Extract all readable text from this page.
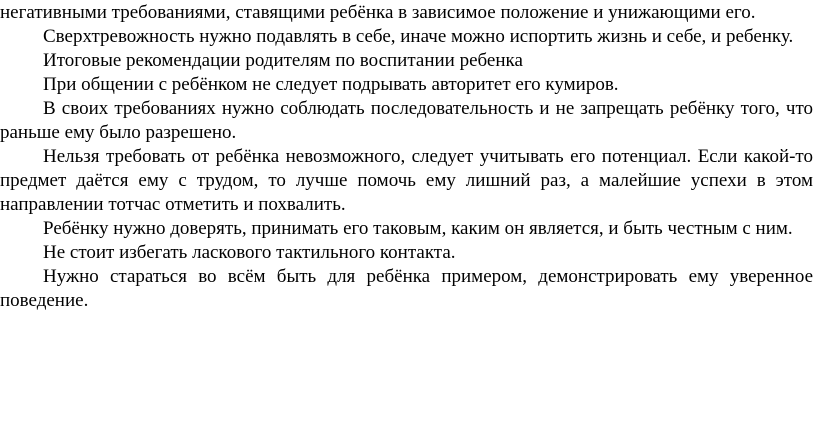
негативными требованиями, ставящими ребёнка в зависимое положение и унижающими его.

Сверхтревожность нужно подавлять в себе, иначе можно испортить жизнь и себе, и ребенку.

Итоговые рекомендации родителям по воспитании ребенка

При общении с ребёнком не следует подрывать авторитет его кумиров.

В своих требованиях нужно соблюдать последовательность и не запрещать ребёнку того, что раньше ему было разрешено.

Нельзя требовать от ребёнка невозможного, следует учитывать его потенциал. Если какой-то предмет даётся ему с трудом, то лучше помочь ему лишний раз, а малейшие успехи в этом направлении тотчас отметить и похвалить.

Ребёнку нужно доверять, принимать его таковым, каким он является, и быть честным с ним.

Не стоит избегать ласкового тактильного контакта.

Нужно стараться во всём быть для ребёнка примером, демонстрировать ему уверенное поведение.
